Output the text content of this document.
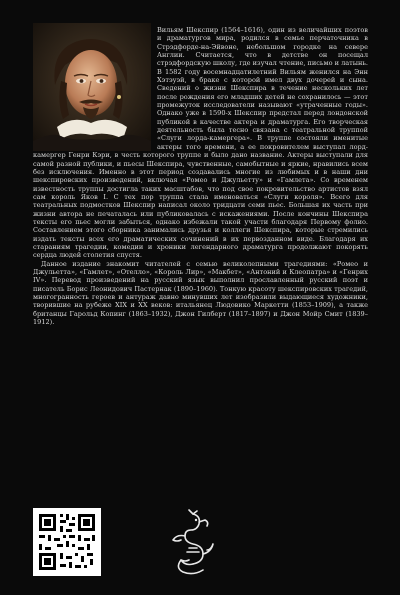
Вильям Шекспир (1564–1616), один из величайших поэтов и драматургов мира, родился в семье перчаточника в Стрэдфорде-на-Эйвоне, небольшом городке на севере Англии. Считается, что в детстве он посещал стрэдфордскую школу, где изучал чтение, письмо и латынь. В 1582 году восемнадцатилетний Вильям женился на Энн Хэтэуэй, в браке с которой имел двух дочерей и сына. Сведений о жизни Шекспира в течение нескольких лет после рождения его младших детей не сохранилось — этот промежуток исследователи называют «утраченные годы». Однако уже в 1590-х Шекспир предстал перед лондонской публикой в качестве актера и драматурга. Его творческая деятельность была тесно связана с театральной труппой «Слуги лорда-камергера». В труппе состояли именитые актеры того времени, а ее покровителем выступал лорд-камергер Генри Кэри, в честь которого труппе и было дано название. Актеры выступали для самой разной публики, и пьесы Шекспира, чувственные, самобытные и яркие, нравились всем без исключения. Именно в этот период создавались многие из любимых и в наши дни шекспировских произведений, включая «Ромео и Джульетту» и «Гамлета». Со временем известность труппы достигла таких масштабов, что под свое покровительство артистов взял сам король Яков I. С тех пор труппа стала именоваться «Слуги короля». Всего для театральных подмостков Шекспир написал около тридцати семи пьес. Большая их часть при жизни автора не печаталась или публиковалась с искажениями. После кончины Шекспира тексты его пьес могли забыться, однако избежали такой участи благодаря Первому фолио. Составлением этого сборника занимались друзья и коллеги Шекспира, которые стремились издать тексты всех его драматических сочинений в их первозданном виде. Благодаря их стараниям трагедии, комедии и хроники легендарного драматурга продолжают покорять сердца людей столетия спустя.

Данное издание знакомит читателей с семью великолепными трагедиями: «Ромео и Джульетта», «Гамлет», «Отелло», «Король Лир», «Макбет», «Антоний и Клеопатра» и «Генрих IV». Перевод произведений на русский язык выполнил прославленный русский поэт и писатель Борис Леонидович Пастернак (1890–1960). Тонкую красоту шекспировских трагедий, многогранность героев и антураж давно минувших лет изобразили выдающиеся художники, творившие на рубеже XIX и XX веков: итальянец Людовико Маркетти (1853–1909), а также британцы Гарольд Копинг (1863–1932), Джон Гилберт (1817–1897) и Джон Мойр Смит (1839–1912).
